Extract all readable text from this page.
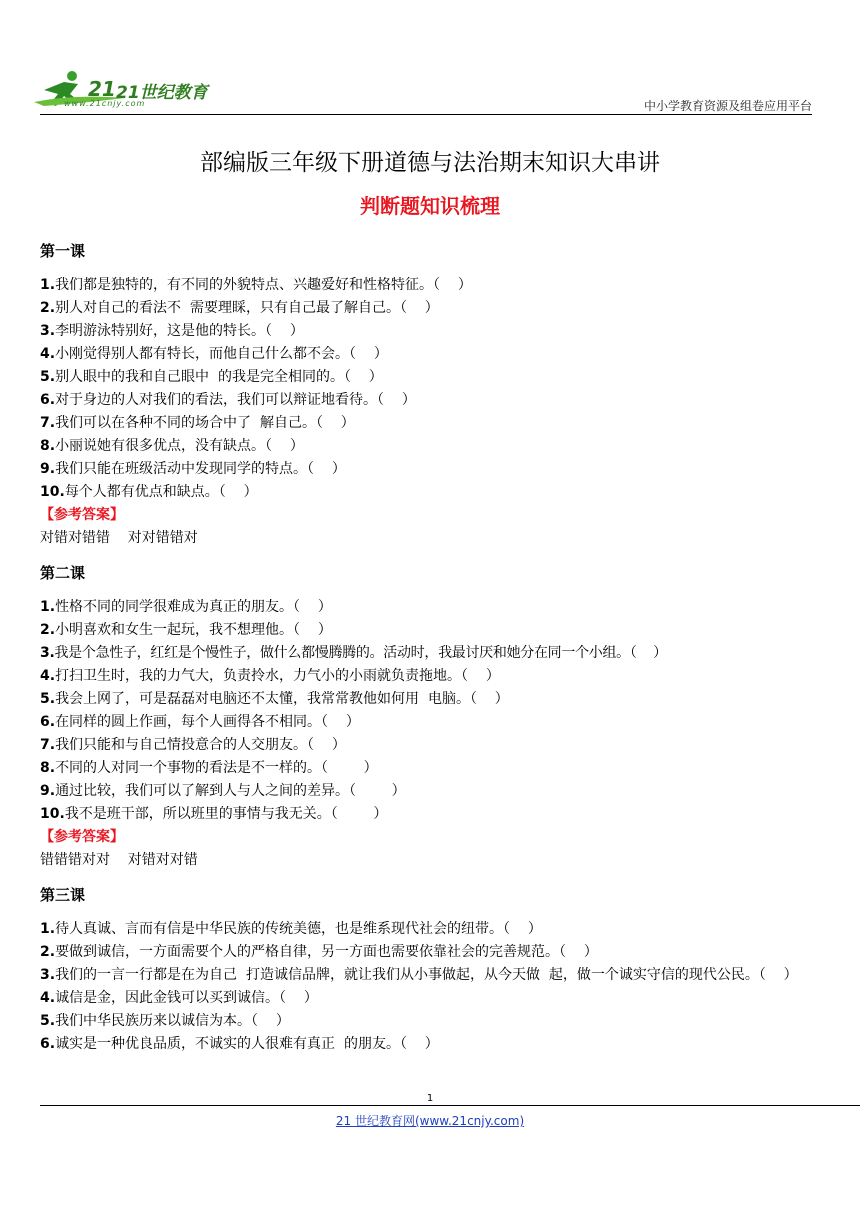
21 21世纪教育
www.21cnjy.com	中小学教育资源及组卷应用平台
部编版三年级下册道德与法治期末知识大串讲
判断题知识梳理
第一课
1.我们都是独特的，有不同的外貌特点、兴趣爱好和性格特征。（    ）
2.别人对自己的看法不  需要理睬，只有自己最了解自己。（    ）
3.李明游泳特别好，这是他的特长。（    ）
4.小刚觉得别人都有特长，而他自己什么都不会。（    ）
5.别人眼中的我和自己眼中  的我是完全相同的。（    ）
6.对于身边的人对我们的看法，我们可以辩证地看待。（    ）
7.我们可以在各种不同的场合中了  解自己。（    ）
8.小丽说她有很多优点，没有缺点。（    ）
9.我们只能在班级活动中发现同学的特点。（    ）
10.每个人都有优点和缺点。（    ）
【参考答案】
对错对错错    对对错错对
第二课
1.性格不同的同学很难成为真正的朋友。（    ）
2.小明喜欢和女生一起玩，我不想理他。（    ）
3.我是个急性子，红红是个慢性子，做什么都慢腾腾的。活动时，我最讨厌和她分在同一个小组。（    ）
4.打扫卫生时，我的力气大，负责拎水，力气小的小雨就负责拖地。（    ）
5.我会上网了，可是磊磊对电脑还不太懂，我常常教他如何用  电脑。（    ）
6.在同样的圆上作画，每个人画得各不相同。（    ）
7.我们只能和与自己情投意合的人交朋友。（    ）
8.不同的人对同一个事物的看法是不一样的。（        ）
9.通过比较，我们可以了解到人与人之间的差异。（        ）
10.我不是班干部，所以班里的事情与我无关。（        ）
【参考答案】
错错错对对    对错对对错
第三课
1.待人真诚、言而有信是中华民族的传统美德，也是维系现代社会的纽带。（    ）
2.要做到诚信，一方面需要个人的严格自律，另一方面也需要依靠社会的完善规范。（    ）
3.我们的一言一行都是在为自己  打造诚信品牌，就让我们从小事做起，从今天做  起，做一个诚实守信的现代公民。（    ）
4.诚信是金，因此金钱可以买到诚信。（    ）
5.我们中华民族历来以诚信为本。（    ）
6.诚实是一种优良品质，不诚实的人很难有真正  的朋友。（    ）
1
21 世纪教育网(www.21cnjy.com)
